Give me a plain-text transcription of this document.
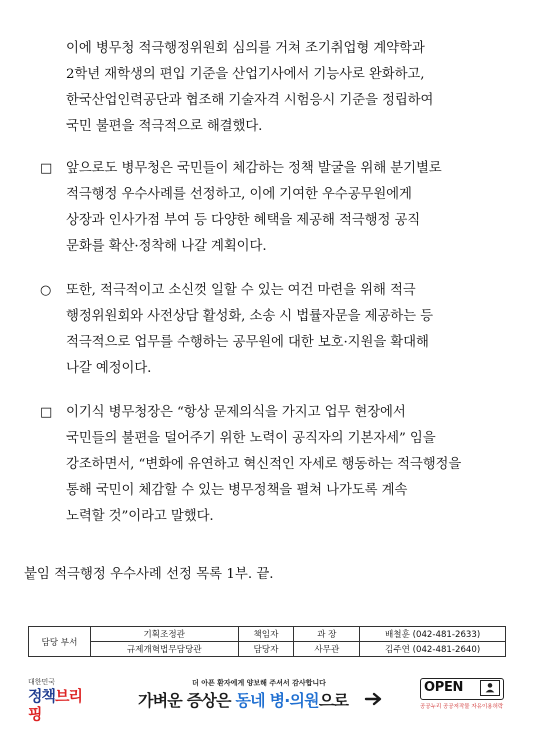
이에 병무청 적극행정위원회 심의를 거쳐 조기취업형 계약학과
2학년 재학생의 편입 기준을 산업기사에서 기능사로 완화하고,
한국산업인력공단과 협조해 기술자격 시험응시 기준을 정립하여
국민 불편을 적극적으로 해결했다.
□	앞으로도 병무청은 국민들이 체감하는 정책 발굴을 위해 분기별로
적극행정 우수사례를 선정하고, 이에 기여한 우수공무원에게
상장과 인사가점 부여 등 다양한 혜택을 제공해 적극행정 공직
문화를 확산·정착해 나갈 계획이다.
○	또한, 적극적이고 소신껏 일할 수 있는 여건 마련을 위해 적극
행정위원회와 사전상담 활성화, 소송 시 법률자문을 제공하는 등
적극적으로 업무를 수행하는 공무원에 대한 보호·지원을 확대해
나갈 예정이다.
□	이기식 병무청장은 “항상 문제의식을 가지고 업무 현장에서
국민들의 불편을 덜어주기 위한 노력이 공직자의 기본자세” 임을
강조하면서, “변화에 유연하고 혁신적인 자세로 행동하는 적극행정을
통해 국민이 체감할 수 있는 병무정책을 펼쳐 나가도록 계속
노력할 것”이라고 말했다.
붙임 적극행정 우수사례 선정 목록 1부. 끝.
담당 부서	기획조정관	책임자	과 장	배철훈 (042-481-2633)
	규제개혁법무담당관	담당자	사무관	김주연 (042-481-2640)
대한민국
정책브리핑
더 아픈 환자에게 양보해 주셔서 감사합니다
가벼운 증상은 동네 병·의원으로
OPEN
공공누리 공공저작물 자유이용허락
